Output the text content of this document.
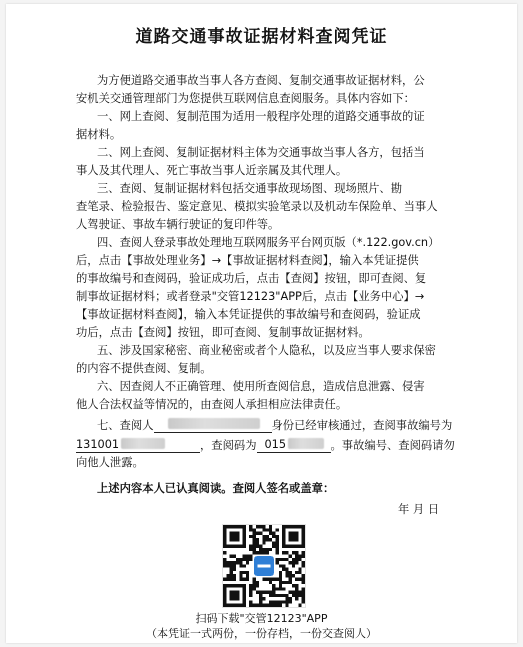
道路交通事故证据材料查阅凭证
为方便道路交通事故当事人各方查阅、复制交通事故证据材料，公
安机关交通管理部门为您提供互联网信息查阅服务。具体内容如下：
一、网上查阅、复制范围为适用一般程序处理的道路交通事故的证
据材料。
二、网上查阅、复制证据材料主体为交通事故当事人各方，包括当
事人及其代理人、死亡事故当事人近亲属及其代理人。
三、查阅、复制证据材料包括交通事故现场图、现场照片、勘
查笔录、检验报告、鉴定意见、模拟实验笔录以及机动车保险单、当事人
人驾驶证、事故车辆行驶证的复印件等。
四、查阅人登录事故处理地互联网服务平台网页版（*.122.gov.cn）
后，点击【事故处理业务】→【事故证据材料查阅】，输入本凭证提供
的事故编号和查阅码，验证成功后，点击【查阅】按钮，即可查阅、复
制事故证据材料；或者登录"交管12123"APP后，点击【业务中心】→
【事故证据材料查阅】，输入本凭证提供的事故编号和查阅码，验证成
功后，点击【查阅】按钮，即可查阅、复制事故证据材料。
五、涉及国家秘密、商业秘密或者个人隐私，以及应当事人要求保密
的内容不提供查阅、复制。
六、因查阅人不正确管理、使用所查阅信息，造成信息泄露、侵害
他人合法权益等情况的，由查阅人承担相应法律责任。
七、查阅人	身份已经审核通过，查阅事故编号为
131001	，查阅码为 015	。事故编号、查阅码请勿
向他人泄露。
上述内容本人已认真阅读。查阅人签名或盖章：
年 月 日
扫码下载"交管12123"APP
（本凭证一式两份，一份存档，一份交查阅人）
